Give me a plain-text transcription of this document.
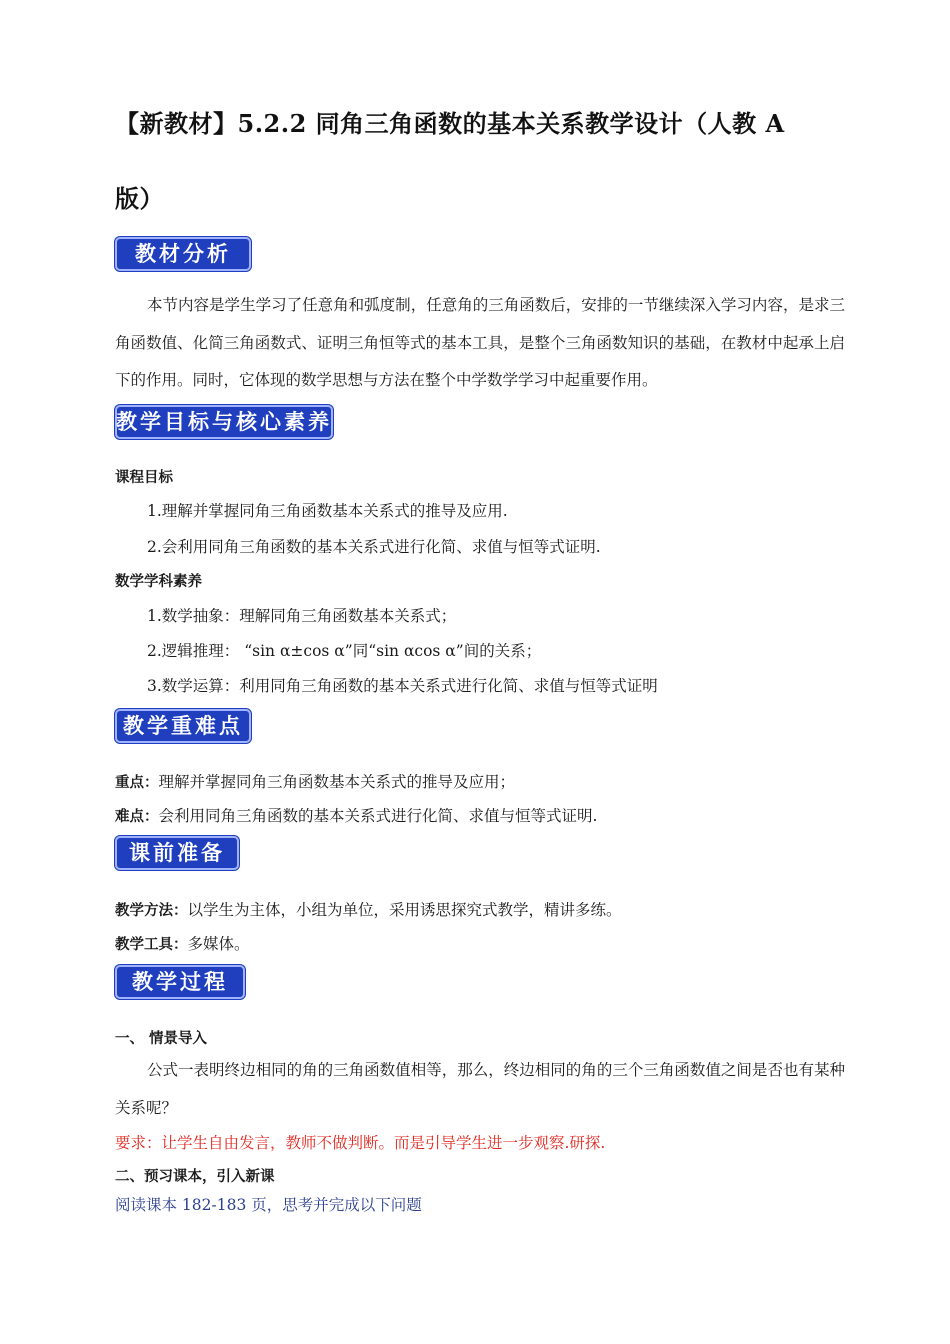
【新教材】5.2.2 同角三角函数的基本关系教学设计（人教 A
版）
教材分析
本节内容是学生学习了任意角和弧度制，任意角的三角函数后，安排的一节继续深入学习内容，是求三角函数值、化简三角函数式、证明三角恒等式的基本工具，是整个三角函数知识的基础，在教材中起承上启下的作用。同时，它体现的数学思想与方法在整个中学数学学习中起重要作用。
教学目标与核心素养
课程目标
1.理解并掌握同角三角函数基本关系式的推导及应用.
2.会利用同角三角函数的基本关系式进行化简、求值与恒等式证明.
数学学科素养
1.数学抽象：理解同角三角函数基本关系式；
2.逻辑推理： “sin α±cos α”同“sin αcos α”间的关系；
3.数学运算：利用同角三角函数的基本关系式进行化简、求值与恒等式证明
教学重难点
重点：理解并掌握同角三角函数基本关系式的推导及应用；
难点：会利用同角三角函数的基本关系式进行化简、求值与恒等式证明.
课前准备
教学方法：以学生为主体，小组为单位，采用诱思探究式教学，精讲多练。
教学工具：多媒体。
教学过程
一、 情景导入
公式一表明终边相同的角的三角函数值相等，那么，终边相同的角的三个三角函数值之间是否也有某种关系呢？
要求：让学生自由发言，教师不做判断。而是引导学生进一步观察.研探.
二、预习课本，引入新课
阅读课本 182-183 页，思考并完成以下问题
